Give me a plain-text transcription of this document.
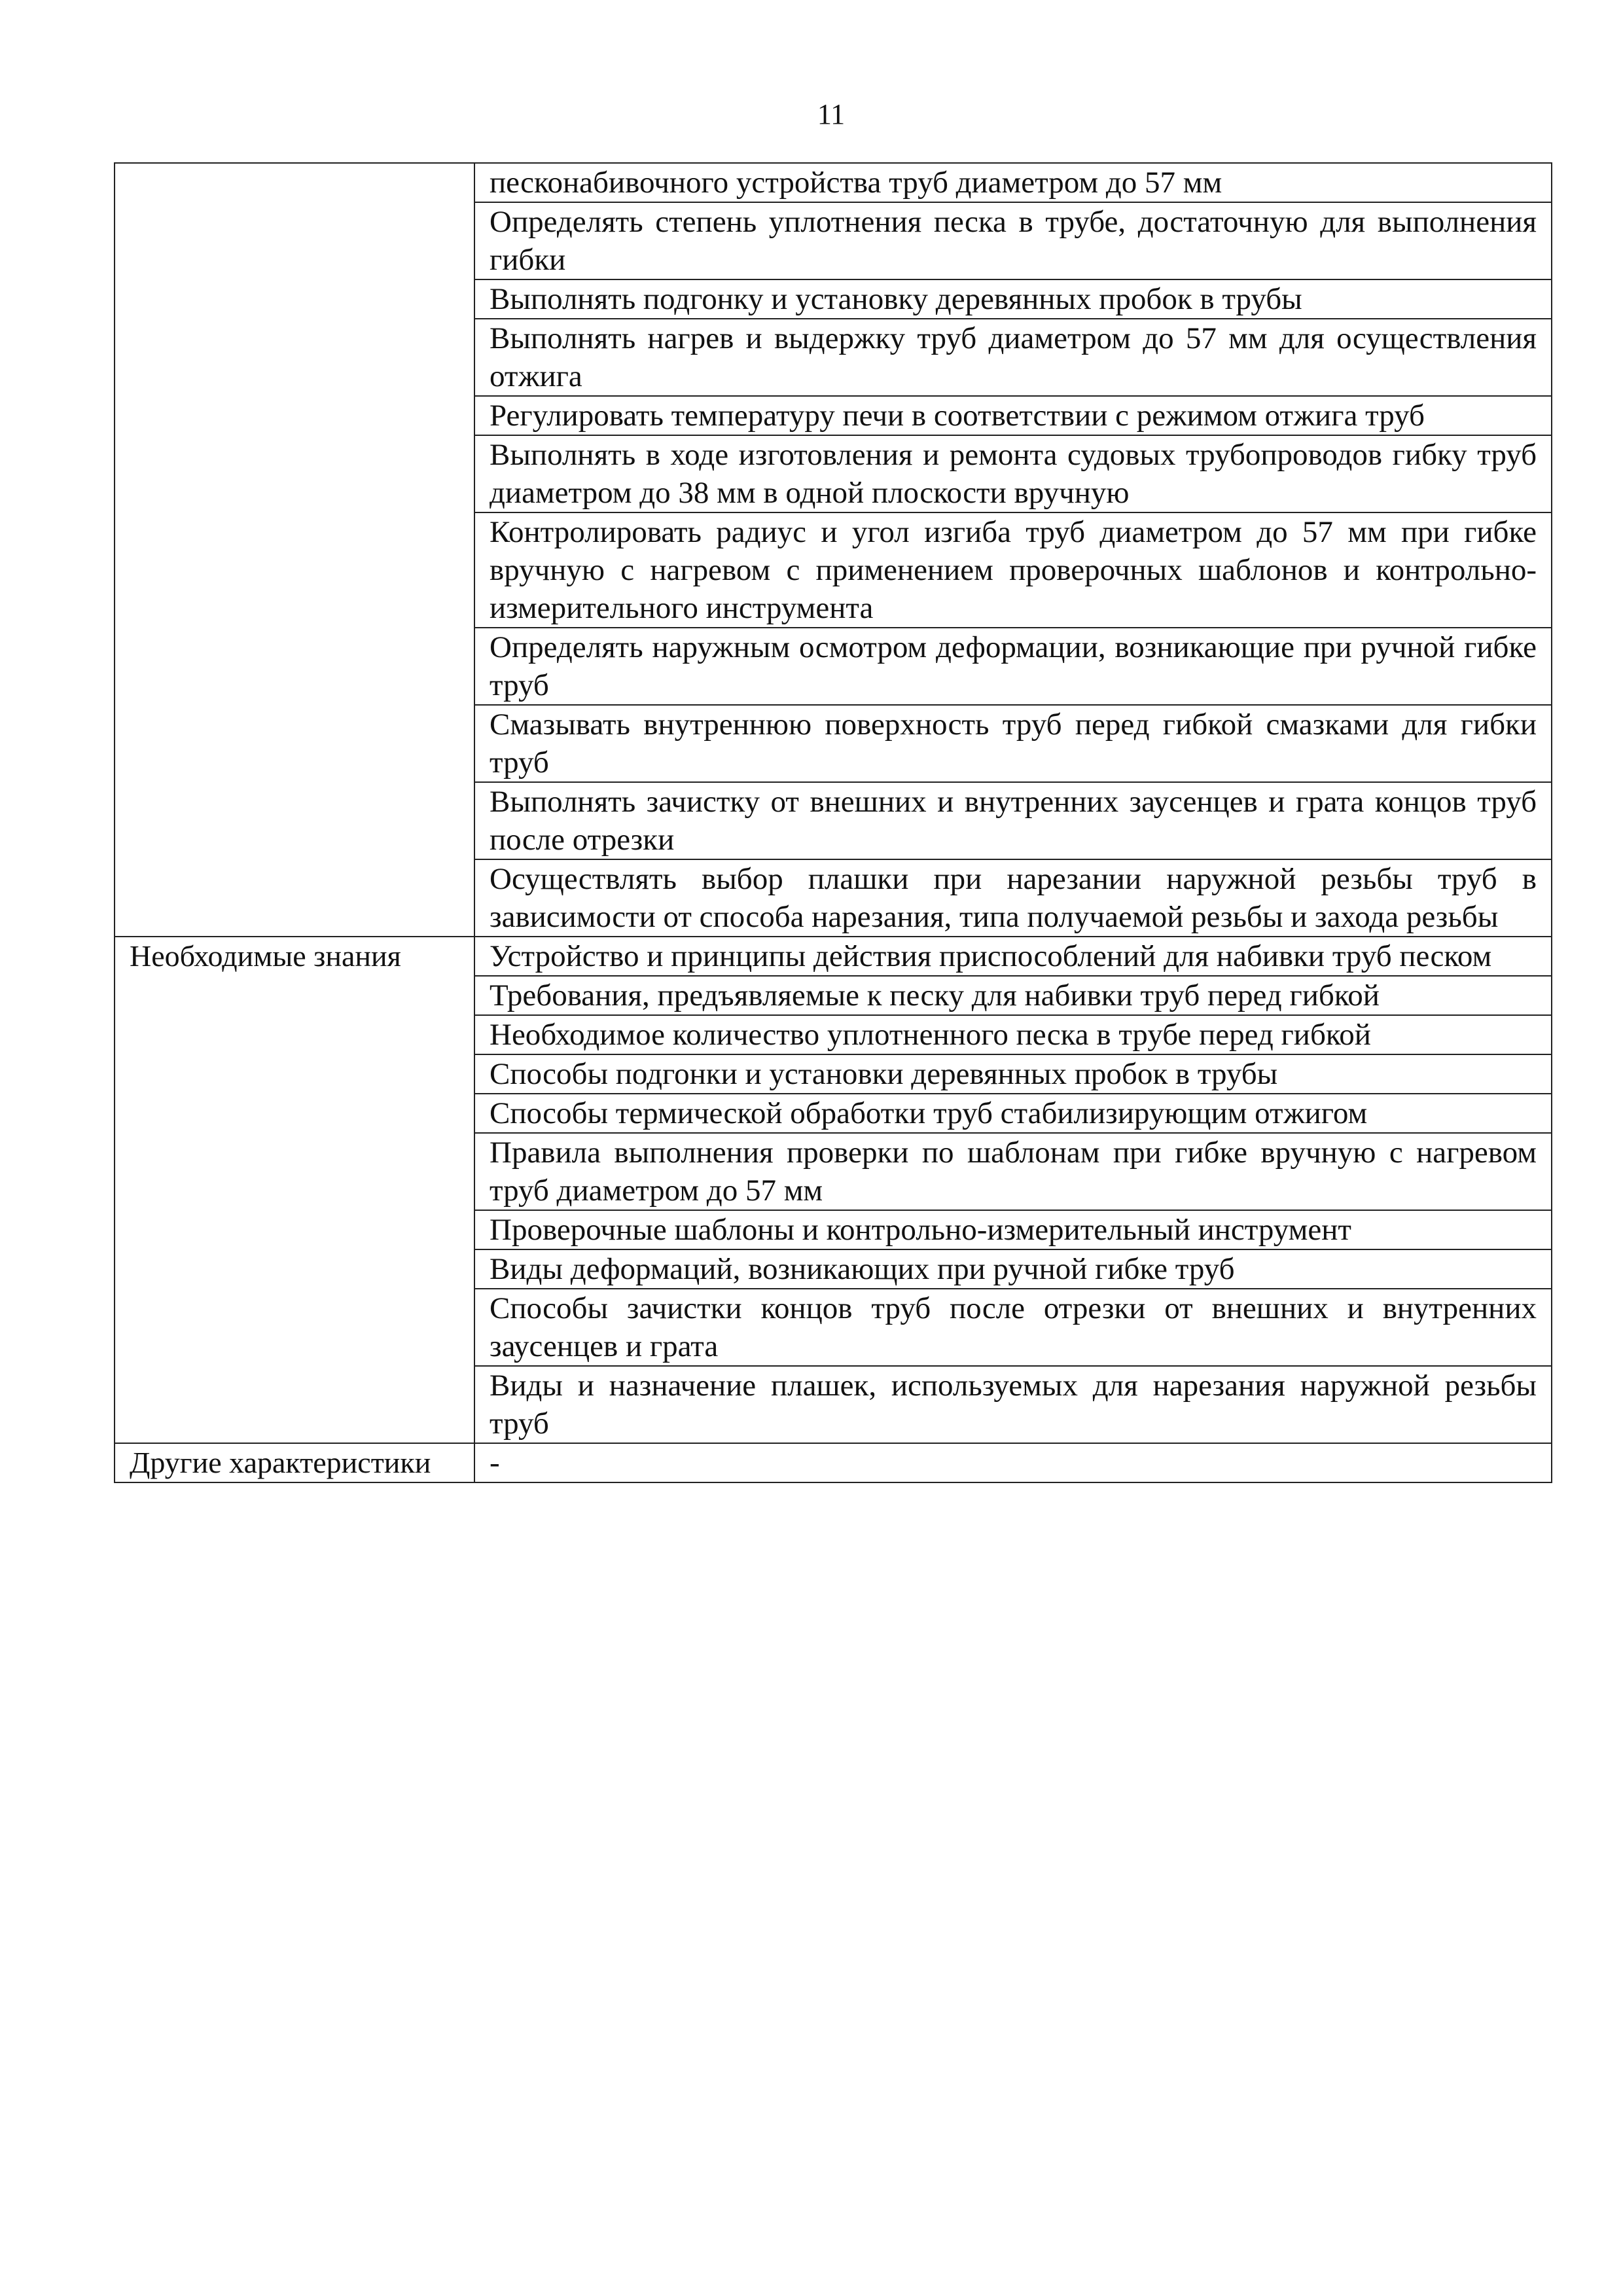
11
	песконабивочного устройства труб диаметром до 57 мм
	Определять степень уплотнения песка в трубе, достаточную для выполнения гибки
	Выполнять подгонку и установку деревянных пробок в трубы
	Выполнять нагрев и выдержку труб диаметром до 57 мм для осуществления отжига
	Регулировать температуру печи в соответствии с режимом отжига труб
	Выполнять в ходе изготовления и ремонта судовых трубопроводов гибку труб диаметром до 38 мм в одной плоскости вручную
	Контролировать радиус и угол изгиба труб диаметром до 57 мм при гибке вручную с нагревом с применением проверочных шаблонов и контрольно-измерительного инструмента
	Определять наружным осмотром деформации, возникающие при ручной гибке труб
	Смазывать внутреннюю поверхность труб перед гибкой смазками для гибки труб
	Выполнять зачистку от внешних и внутренних заусенцев и грата концов труб после отрезки
	Осуществлять выбор плашки при нарезании наружной резьбы труб в зависимости от способа нарезания, типа получаемой резьбы и захода резьбы
Необходимые знания	Устройство и принципы действия приспособлений для набивки труб песком
	Требования, предъявляемые к песку для набивки труб перед гибкой
	Необходимое количество уплотненного песка в трубе перед гибкой
	Способы подгонки и установки деревянных пробок в трубы
	Способы термической обработки труб стабилизирующим отжигом
	Правила выполнения проверки по шаблонам при гибке вручную с нагревом труб диаметром до 57 мм
	Проверочные шаблоны и контрольно-измерительный инструмент
	Виды деформаций, возникающих при ручной гибке труб
	Способы зачистки концов труб после отрезки от внешних и внутренних заусенцев и грата
	Виды и назначение плашек, используемых для нарезания наружной резьбы труб
Другие характеристики	-
